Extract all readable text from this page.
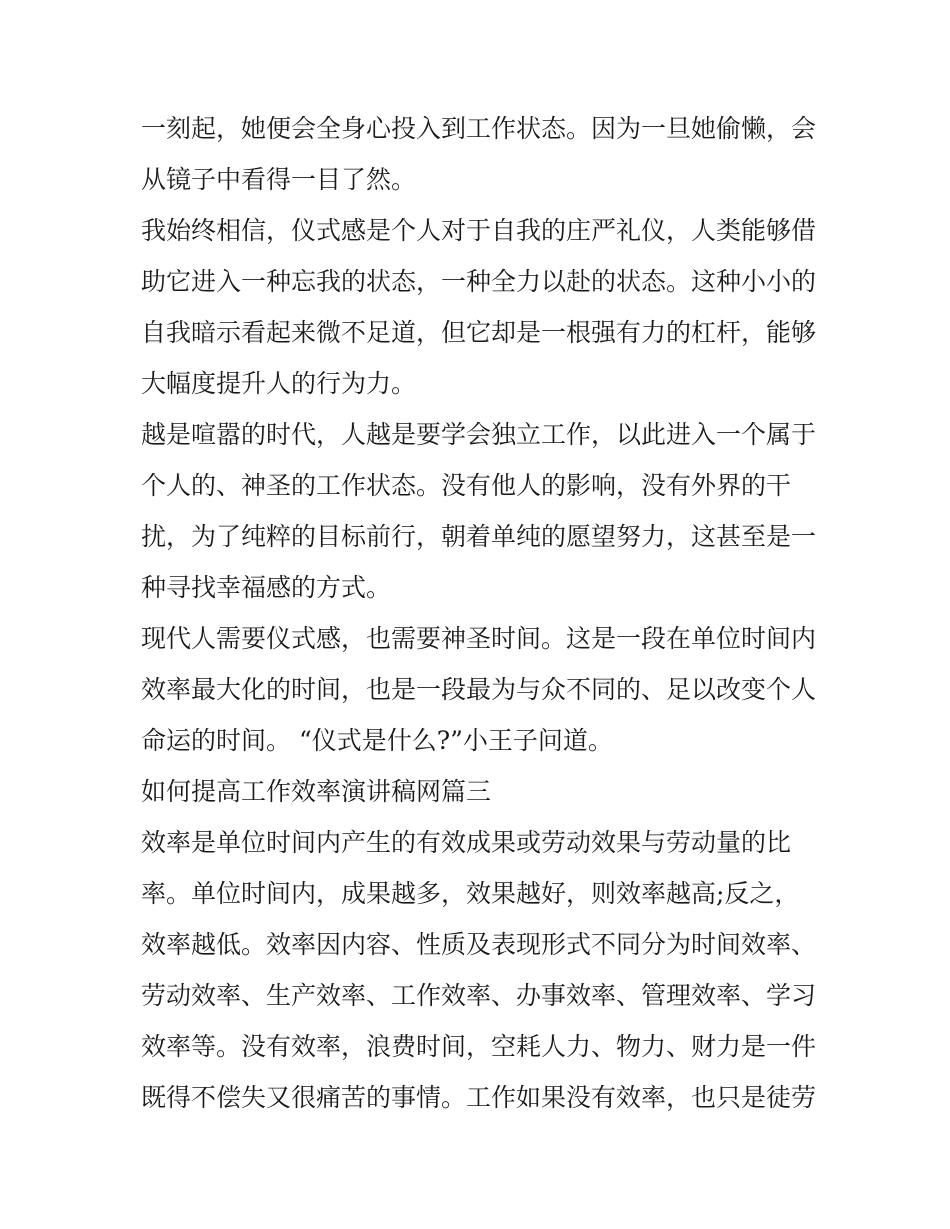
一刻起，她便会全身心投入到工作状态。因为一旦她偷懒，会
从镜子中看得一目了然。
我始终相信，仪式感是个人对于自我的庄严礼仪，人类能够借
助它进入一种忘我的状态，一种全力以赴的状态。这种小小的
自我暗示看起来微不足道，但它却是一根强有力的杠杆，能够
大幅度提升人的行为力。
越是喧嚣的时代，人越是要学会独立工作，以此进入一个属于
个人的、神圣的工作状态。没有他人的影响，没有外界的干
扰，为了纯粹的目标前行，朝着单纯的愿望努力，这甚至是一
种寻找幸福感的方式。
现代人需要仪式感，也需要神圣时间。这是一段在单位时间内
效率最大化的时间，也是一段最为与众不同的、足以改变个人
命运的时间。 “仪式是什么?”小王子问道。
如何提高工作效率演讲稿网篇三
效率是单位时间内产生的有效成果或劳动效果与劳动量的比
率。单位时间内，成果越多，效果越好，则效率越高;反之，
效率越低。效率因内容、性质及表现形式不同分为时间效率、
劳动效率、生产效率、工作效率、办事效率、管理效率、学习
效率等。没有效率，浪费时间，空耗人力、物力、财力是一件
既得不偿失又很痛苦的事情。工作如果没有效率，也只是徒劳
